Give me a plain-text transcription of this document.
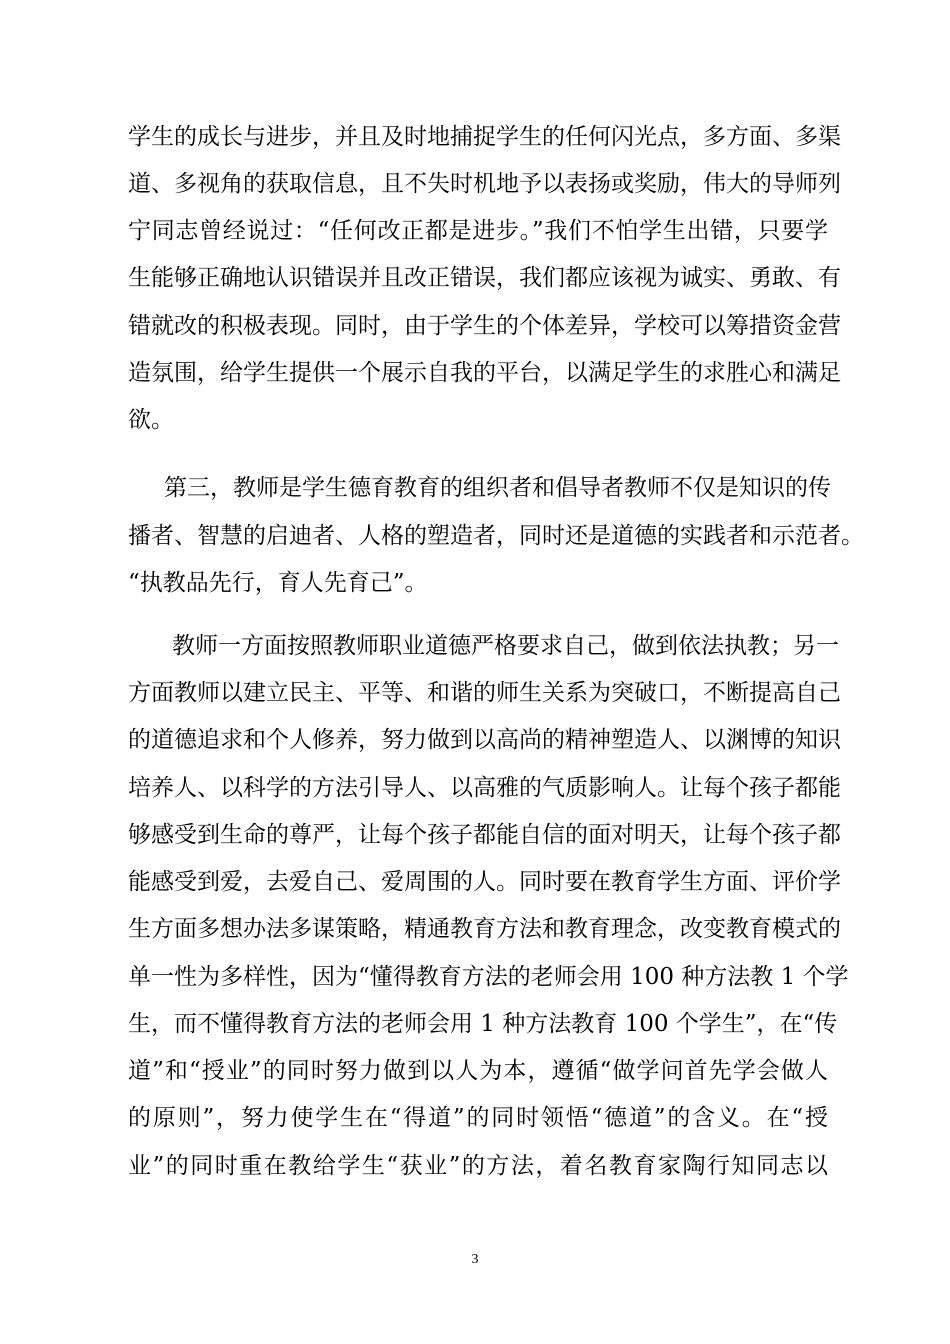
学生的成长与进步，并且及时地捕捉学生的任何闪光点，多方面、多渠
道、多视角的获取信息，且不失时机地予以表扬或奖励，伟大的导师列
宁同志曾经说过：“任何改正都是进步。”我们不怕学生出错，只要学
生能够正确地认识错误并且改正错误，我们都应该视为诚实、勇敢、有
错就改的积极表现。同时，由于学生的个体差异，学校可以筹措资金营
造氛围，给学生提供一个展示自我的平台，以满足学生的求胜心和满足
欲。
第三，教师是学生德育教育的组织者和倡导者教师不仅是知识的传
播者、智慧的启迪者、人格的塑造者，同时还是道德的实践者和示范者。
“执教品先行，育人先育己”。
教师一方面按照教师职业道德严格要求自己，做到依法执教；另一
方面教师以建立民主、平等、和谐的师生关系为突破口，不断提高自己
的道德追求和个人修养，努力做到以高尚的精神塑造人、以渊博的知识
培养人、以科学的方法引导人、以高雅的气质影响人。让每个孩子都能
够感受到生命的尊严，让每个孩子都能自信的面对明天，让每个孩子都
能感受到爱，去爱自己、爱周围的人。同时要在教育学生方面、评价学
生方面多想办法多谋策略，精通教育方法和教育理念，改变教育模式的
单一性为多样性，因为“懂得教育方法的老师会用 100 种方法教 1 个学
生，而不懂得教育方法的老师会用 1 种方法教育 100 个学生”，在“传
道”和“授业”的同时努力做到以人为本，遵循“做学问首先学会做人
的原则”，努力使学生在“得道”的同时领悟“德道”的含义。在“授
业”的同时重在教给学生“获业”的方法，着名教育家陶行知同志以
3
